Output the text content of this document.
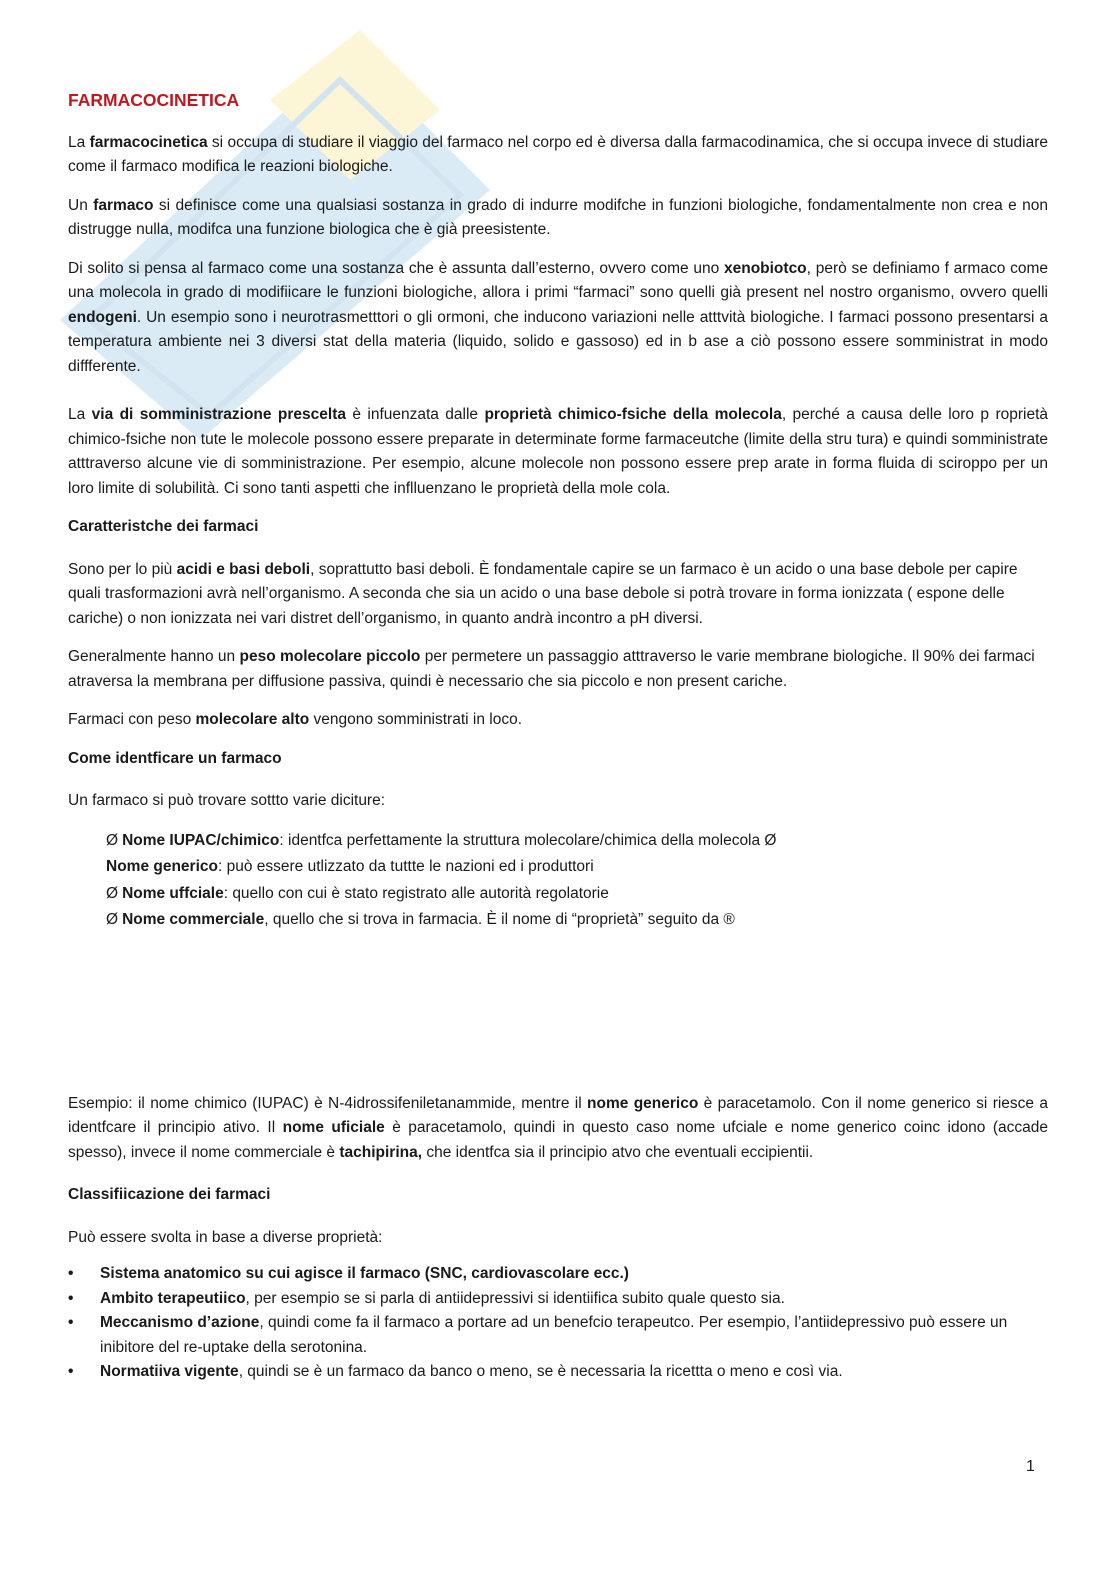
FARMACOCINETICA

La farmacocinetica si occupa di studiare il viaggio del farmaco nel corpo ed è diversa dalla farmacodinamica, che si occupa invece di studiare come il farmaco modifica le reazioni biologiche.

Un farmaco si definisce come una qualsiasi sostanza in grado di indurre modifche in funzioni biologiche, fondamentalmente non crea e non distrugge nulla, modifca una funzione biologica che è già preesistente.

Di solito si pensa al farmaco come una sostanza che è assunta dall’esterno, ovvero come uno xenobiotco, però se definiamo f armaco come una molecola in grado di modifiicare le funzioni biologiche, allora i primi “farmaci” sono quelli già present nel nostro organismo, ovvero quelli endogeni. Un esempio sono i neurotrasmetttori o gli ormoni, che inducono variazioni nelle atttvità biologiche. I farmaci possono presentarsi a temperatura ambiente nei 3 diversi stat della materia (liquido, solido e gassoso) ed in b ase a ciò possono essere somministrat in modo diffferente.

La via di somministrazione prescelta è infuenzata dalle proprietà chimico-fsiche della molecola, perché a causa delle loro p roprietà chimico-fsiche non tute le molecole possono essere preparate in determinate forme farmaceutche (limite della stru tura) e quindi somministrate atttraverso alcune vie di somministrazione. Per esempio, alcune molecole non possono essere prep arate in forma fluida di sciroppo per un loro limite di solubilità. Ci sono tanti aspetti che inflluenzano le proprietà della mole cola.

Caratteristche dei farmaci

Sono per lo più acidi e basi deboli, soprattutto basi deboli. È fondamentale capire se un farmaco è un acido o una base debole per capire quali trasformazioni avrà nell’organismo. A seconda che sia un acido o una base debole si potrà trovare in forma ionizzata ( espone delle cariche) o non ionizzata nei vari distret dell’organismo, in quanto andrà incontro a pH diversi.

Generalmente hanno un peso molecolare piccolo per permetere un passaggio atttraverso le varie membrane biologiche. Il 90% dei farmaci atraversa la membrana per diffusione passiva, quindi è necessario che sia piccolo e non present cariche.

Farmaci con peso molecolare alto vengono somministrati in loco.

Come identficare un farmaco

Un farmaco si può trovare sottto varie diciture:

Ø Nome IUPAC/chimico: identfca perfettamente la struttura molecolare/chimica della molecola Ø
Nome generico: può essere utlizzato da tuttte le nazioni ed i produttori
Ø Nome uffciale: quello con cui è stato registrato alle autorità regolatorie
Ø Nome commerciale, quello che si trova in farmacia. È il nome di “proprietà” seguito da ®

Esempio: il nome chimico (IUPAC) è N-4idrossifeniletanammide, mentre il nome generico è paracetamolo. Con il nome generico si riesce a identfcare il principio ativo. Il nome uficiale è paracetamolo, quindi in questo caso nome ufciale e nome generico coinc idono (accade spesso), invece il nome commerciale è tachipirina, che identfca sia il principio atvo che eventuali eccipientii.

Classifiicazione dei farmaci

Può essere svolta in base a diverse proprietà:

• Sistema anatomico su cui agisce il farmaco (SNC, cardiovascolare ecc.)
• Ambito terapeutiico, per esempio se si parla di antiidepressivi si identiifica subito quale questo sia.
• Meccanismo d’azione, quindi come fa il farmaco a portare ad un benefcio terapeutco. Per esempio, l’antiidepressivo può essere un inibitore del re-uptake della serotonina.
• Normatiiva vigente, quindi se è un farmaco da banco o meno, se è necessaria la ricettta o meno e così via.
1
